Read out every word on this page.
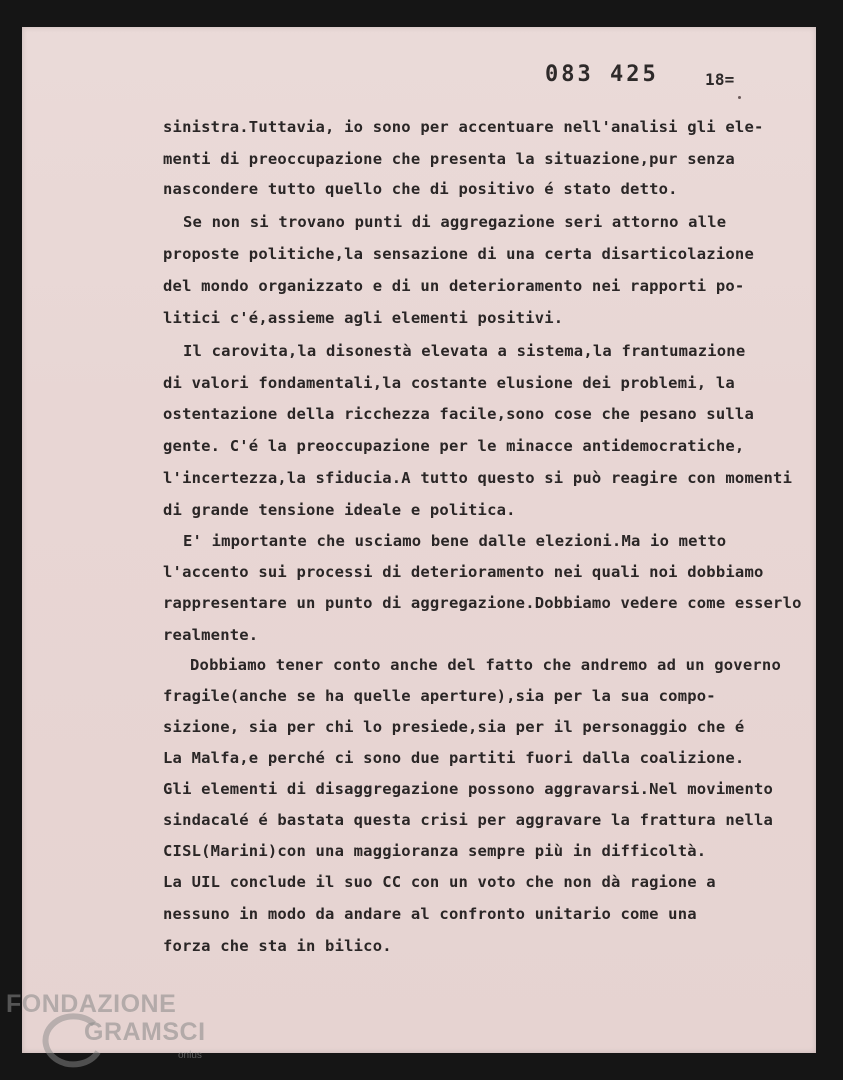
083 425	18=
sinistra.Tuttavia, io sono per accentuare nell'analisi gli ele-
menti di preoccupazione che presenta la situazione,pur senza
nascondere tutto quello che di positivo é stato detto.
Se non si trovano punti di aggregazione seri attorno alle
proposte politiche,la sensazione di una certa disarticolazione
del mondo organizzato e di un deterioramento nei rapporti po-
litici c'é,assieme agli elementi positivi.
Il carovita,la disonestà elevata a sistema,la frantumazione
di valori fondamentali,la costante elusione dei problemi, la
ostentazione della ricchezza facile,sono cose che pesano sulla
gente. C'é la preoccupazione per le minacce antidemocratiche,
l'incertezza,la sfiducia.A tutto questo si può reagire con momenti
di grande tensione ideale e politica.
E' importante che usciamo bene dalle elezioni.Ma io metto
l'accento sui processi di deterioramento nei quali noi dobbiamo
rappresentare un punto di aggregazione.Dobbiamo vedere come esserlo
realmente.
Dobbiamo tener conto anche del fatto che andremo ad un governo
fragile(anche se ha quelle aperture),sia per la sua compo-
sizione, sia per chi lo presiede,sia per il personaggio che é
La Malfa,e perché ci sono due partiti fuori dalla coalizione.
Gli elementi di disaggregazione possono aggravarsi.Nel movimento
sindacalé é bastata questa crisi per aggravare la frattura nella
CISL(Marini)con una maggioranza sempre più in difficoltà.
La UIL conclude il suo CC con un voto che non dà ragione a
nessuno in modo da andare al confronto unitario come una
forza che sta in bilico.
FONDAZIONE
GRAMSCI
onlus
